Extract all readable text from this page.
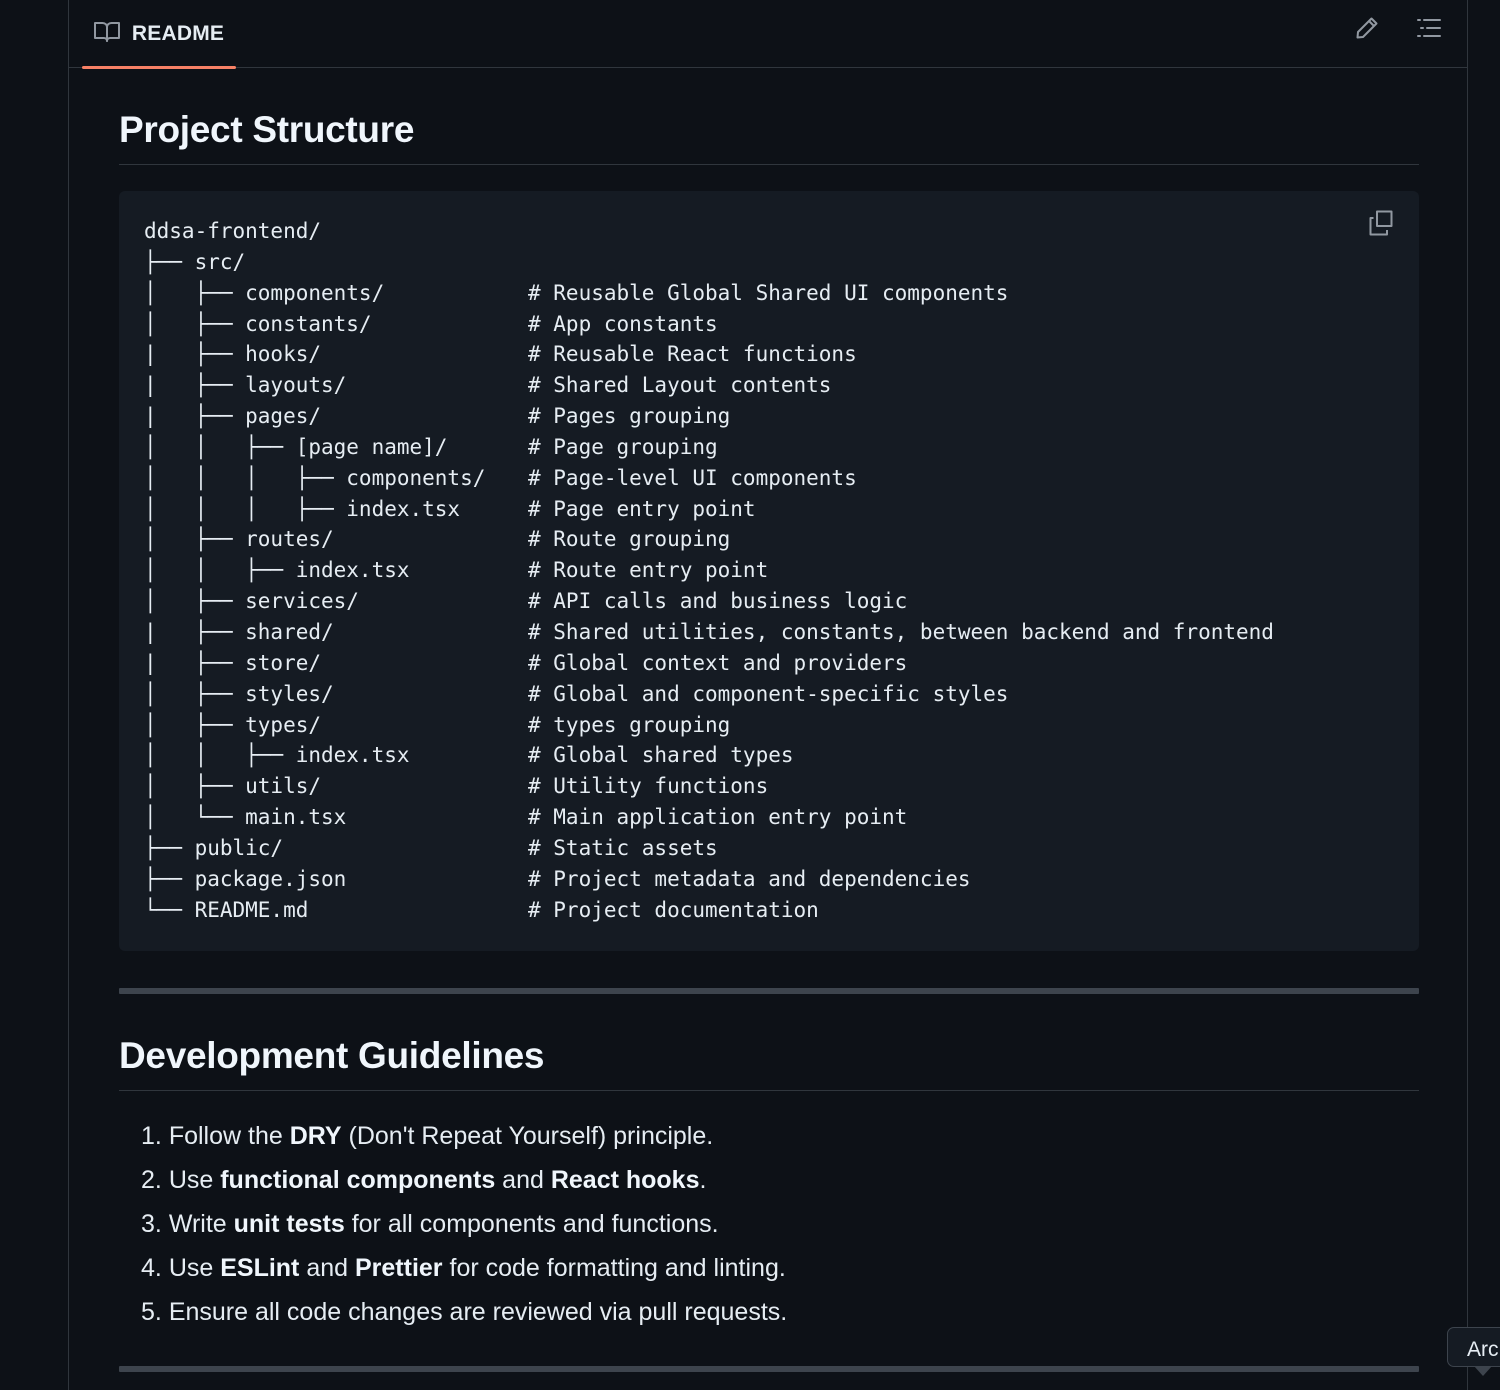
README
Project Structure
ddsa-frontend/
├── src/
│   ├── components/	# Reusable Global Shared UI components
│   ├── constants/	# App constants
|   ├── hooks/	# Reusable React functions
|   ├── layouts/	# Shared Layout contents
|   ├── pages/	# Pages grouping
│   │   ├── [page name]/	# Page grouping
│   │   │   ├── components/	# Page-level UI components
│   │   │   ├── index.tsx	# Page entry point
│   ├── routes/	# Route grouping
│   │   ├── index.tsx	# Route entry point
│   ├── services/	# API calls and business logic
|   ├── shared/	# Shared utilities, constants, between backend and frontend
|   ├── store/	# Global context and providers
│   ├── styles/	# Global and component-specific styles
│   ├── types/	# types grouping
│   │   ├── index.tsx	# Global shared types
│   ├── utils/	# Utility functions
│   └── main.tsx	# Main application entry point
├── public/	# Static assets
├── package.json	# Project metadata and dependencies
└── README.md	# Project documentation
Development Guidelines
1. Follow the DRY (Don't Repeat Yourself) principle.
2. Use functional components and React hooks.
3. Write unit tests for all components and functions.
4. Use ESLint and Prettier for code formatting and linting.
5. Ensure all code changes are reviewed via pull requests.
Arc
